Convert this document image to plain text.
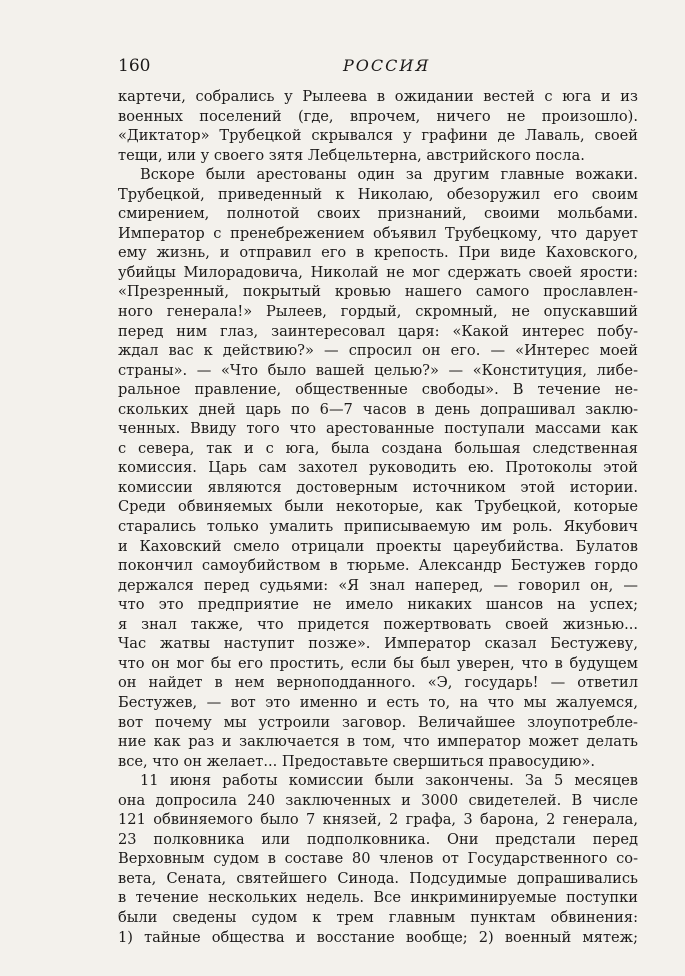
160	РОССИЯ
картечи, собрались у Рылеева в ожидании вестей с юга и из
военных поселений (где, впрочем, ничего не произошло).
«Диктатор» Трубецкой скрывался у графини де Лаваль, своей
тещи, или у своего зятя Лебцельтерна, австрийского посла.
Вскоре были арестованы один за другим главные вожаки.
Трубецкой, приведенный к Николаю, обезоружил его своим
смирением, полнотой своих признаний, своими мольбами.
Император с пренебрежением объявил Трубецкому, что дарует
ему жизнь, и отправил его в крепость. При виде Каховского,
убийцы Милорадовича, Николай не мог сдержать своей ярости:
«Презренный, покрытый кровью нашего самого прославлен-
ного генерала!» Рылеев, гордый, скромный, не опускавший
перед ним глаз, заинтересовал царя: «Какой интерес побу-
ждал вас к действию?» — спросил он его. — «Интерес моей
страны». — «Что было вашей целью?» — «Конституция, либе-
ральное правление, общественные свободы». В течение не-
скольких дней царь по 6—7 часов в день допрашивал заклю-
ченных. Ввиду того что арестованные поступали массами как
с севера, так и с юга, была создана большая следственная
комиссия. Царь сам захотел руководить ею. Протоколы этой
комиссии являются достоверным источником этой истории.
Среди обвиняемых были некоторые, как Трубецкой, которые
старались только умалить приписываемую им роль. Якубович
и Каховский смело отрицали проекты цареубийства. Булатов
покончил самоубийством в тюрьме. Александр Бестужев гордо
держался перед судьями: «Я знал наперед, — говорил он, —
что это предприятие не имело никаких шансов на успех;
я знал также, что придется пожертвовать своей жизнью...
Час жатвы наступит позже». Император сказал Бестужеву,
что он мог бы его простить, если бы был уверен, что в будущем
он найдет в нем верноподданного. «Э, государь! — ответил
Бестужев, — вот это именно и есть то, на что мы жалуемся,
вот почему мы устроили заговор. Величайшее злоупотребле-
ние как раз и заключается в том, что император может делать
все, что он желает... Предоставьте свершиться правосудию».
11 июня работы комиссии были закончены. За 5 месяцев
она допросила 240 заключенных и 3000 свидетелей. В числе
121 обвиняемого было 7 князей, 2 графа, 3 барона, 2 генерала,
23 полковника или подполковника. Они предстали перед
Верховным судом в составе 80 членов от Государственного со-
вета, Сената, святейшего Синода. Подсудимые допрашивались
в течение нескольких недель. Все инкриминируемые поступки
были сведены судом к трем главным пунктам обвинения:
1) тайные общества и восстание вообще; 2) военный мятеж;
